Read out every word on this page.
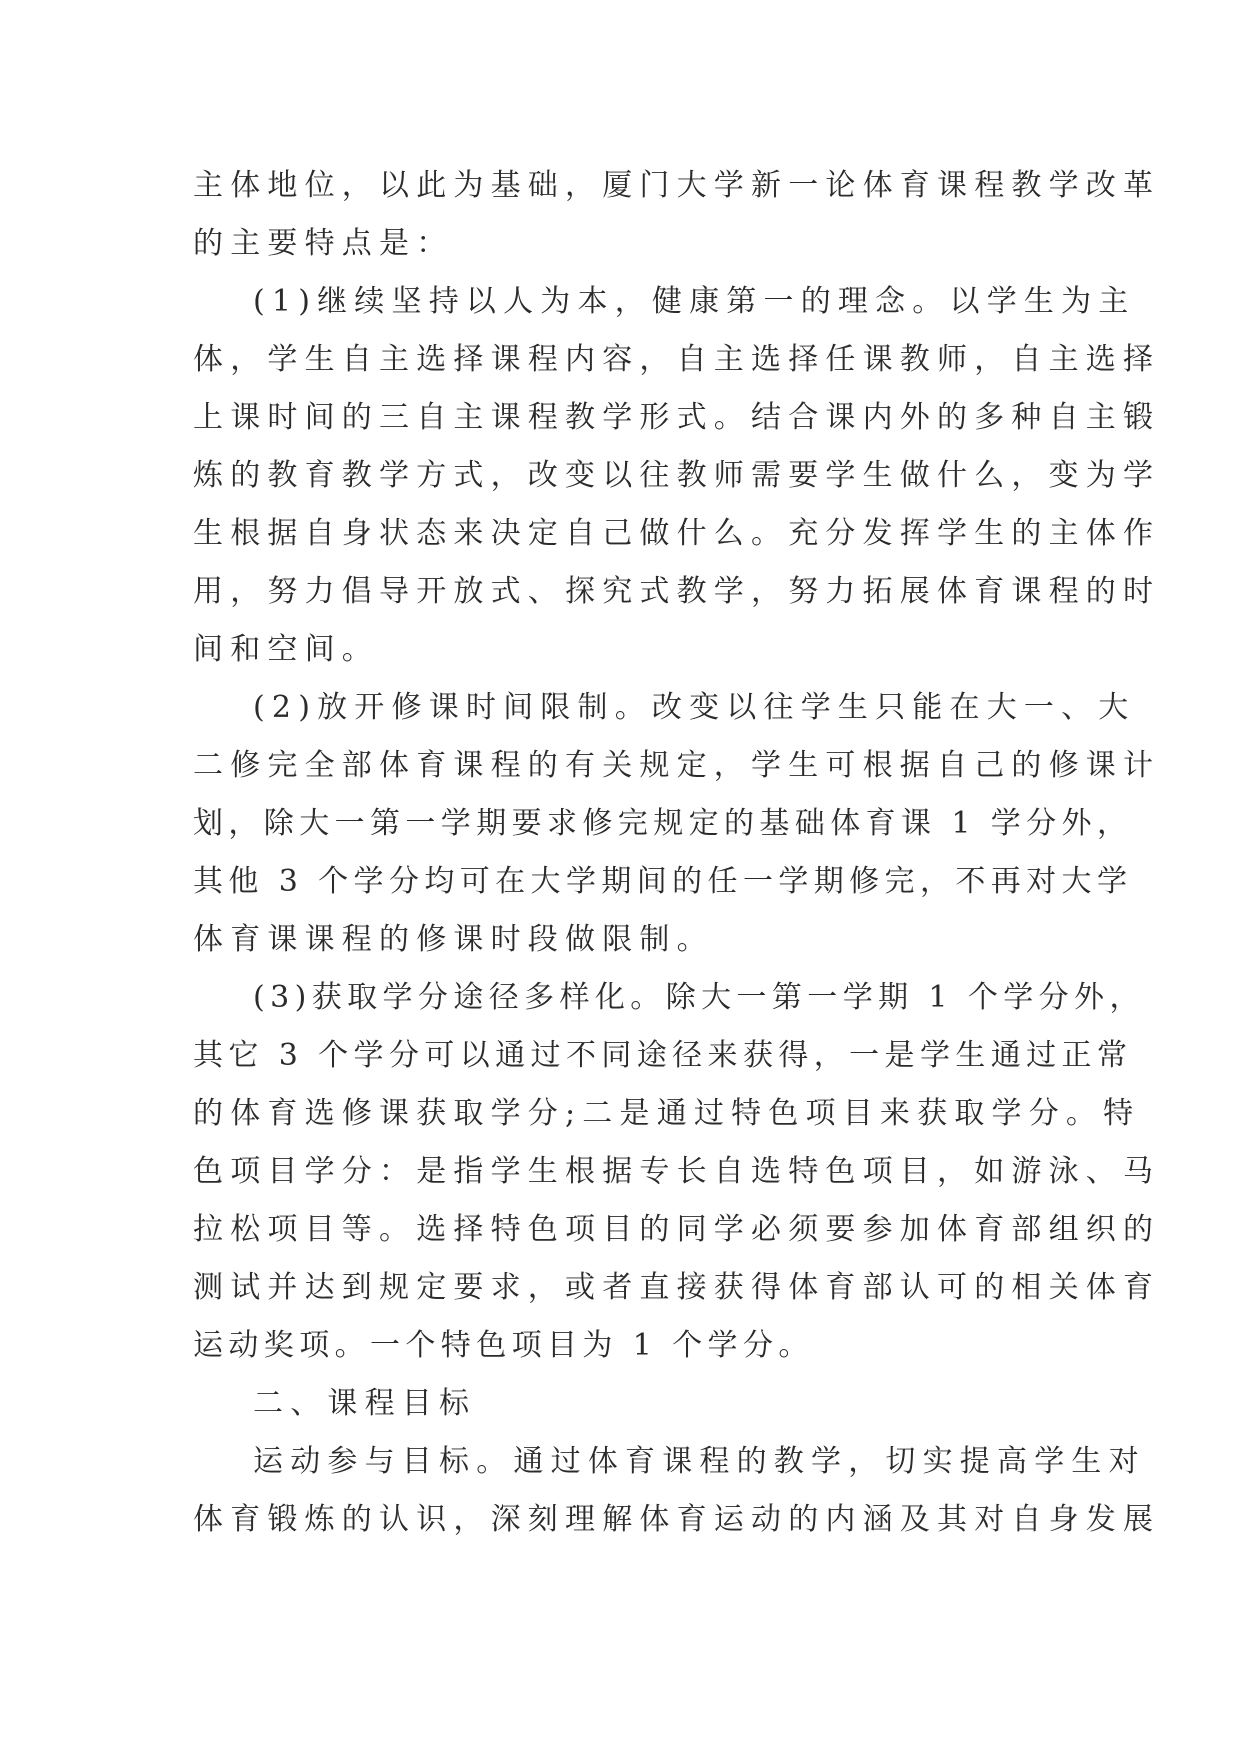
主体地位，以此为基础，厦门大学新一论体育课程教学改革
的主要特点是：
(1)继续坚持以人为本，健康第一的理念。以学生为主
体，学生自主选择课程内容，自主选择任课教师，自主选择
上课时间的三自主课程教学形式。结合课内外的多种自主锻
炼的教育教学方式，改变以往教师需要学生做什么，变为学
生根据自身状态来决定自己做什么。充分发挥学生的主体作
用，努力倡导开放式、探究式教学，努力拓展体育课程的时
间和空间。
(2)放开修课时间限制。改变以往学生只能在大一、大
二修完全部体育课程的有关规定，学生可根据自己的修课计
划，除大一第一学期要求修完规定的基础体育课 1 学分外，
其他 3 个学分均可在大学期间的任一学期修完，不再对大学
体育课课程的修课时段做限制。
(3)获取学分途径多样化。除大一第一学期 1 个学分外，
其它 3 个学分可以通过不同途径来获得，一是学生通过正常
的体育选修课获取学分;二是通过特色项目来获取学分。特
色项目学分：是指学生根据专长自选特色项目，如游泳、马
拉松项目等。选择特色项目的同学必须要参加体育部组织的
测试并达到规定要求，或者直接获得体育部认可的相关体育
运动奖项。一个特色项目为 1 个学分。
二、课程目标
运动参与目标。通过体育课程的教学，切实提高学生对
体育锻炼的认识，深刻理解体育运动的内涵及其对自身发展
